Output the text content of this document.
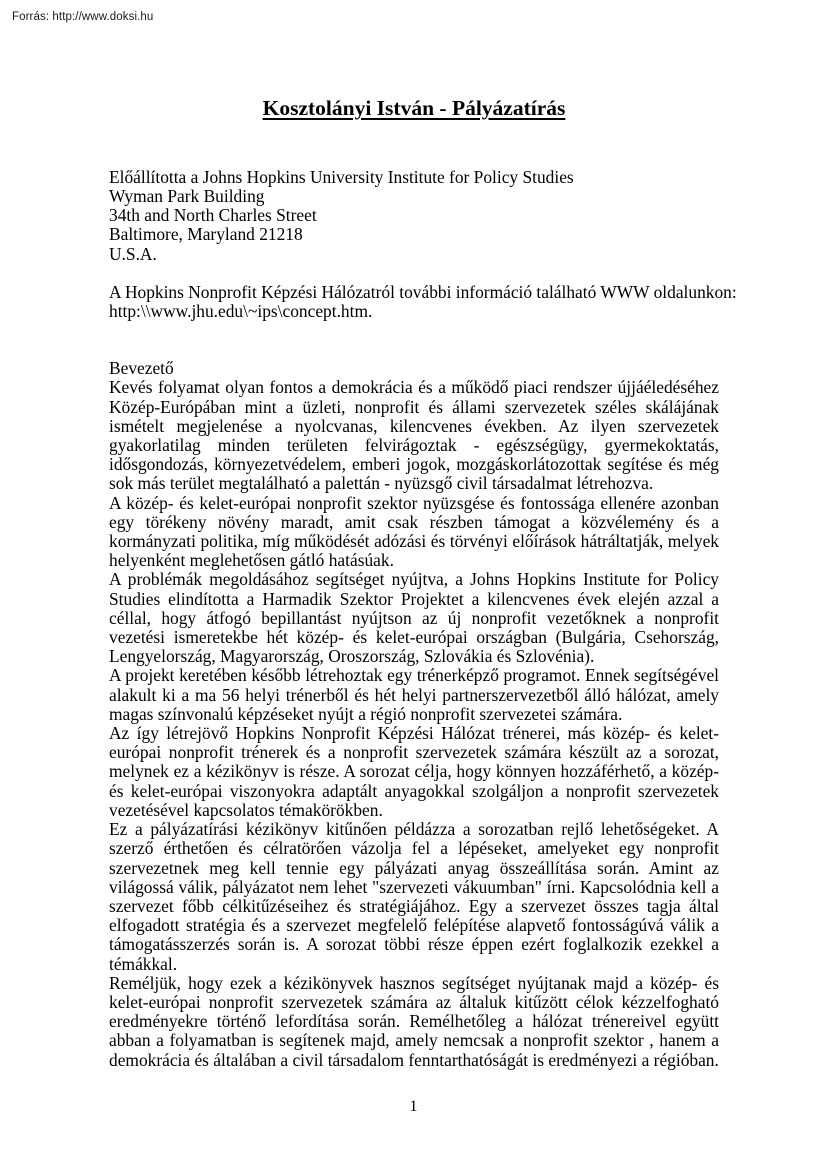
Forrás: http://www.doksi.hu
Kosztolányi István - Pályázatírás
Előállította a Johns Hopkins University Institute for Policy Studies
Wyman Park Building
34th and North Charles Street
Baltimore, Maryland 21218
U.S.A.
A Hopkins Nonprofit Képzési Hálózatról további információ található WWW oldalunkon:
http:\\www.jhu.edu\~ips\concept.htm.
Bevezető

Kevés folyamat olyan fontos a demokrácia és a működő piaci rendszer újjáéledéséhez Közép-Európában mint a üzleti, nonprofit és állami szervezetek széles skálájának ismételt megjelenése a nyolcvanas, kilencvenes években. Az ilyen szervezetek gyakorlatilag minden területen felvirágoztak - egészségügy, gyermekoktatás, idősgondozás, környezetvédelem, emberi jogok, mozgáskorlátozottak segítése és még sok más terület megtalálható a palettán - nyüzsgő civil társadalmat létrehozva.

A közép- és kelet-európai nonprofit szektor nyüzsgése és fontossága ellenére azonban egy törékeny növény maradt, amit csak részben támogat a közvélemény és a kormányzati politika, míg működését adózási és törvényi előírások hátráltatják, melyek helyenként meglehetősen gátló hatásúak.

A problémák megoldásához segítséget nyújtva, a Johns Hopkins Institute for Policy Studies elindította a Harmadik Szektor Projektet a kilencvenes évek elején azzal a céllal, hogy átfogó bepillantást nyújtson az új nonprofit vezetőknek a nonprofit vezetési ismeretekbe hét közép- és kelet-európai országban (Bulgária, Csehország, Lengyelország, Magyarország, Oroszország, Szlovákia és Szlovénia).

A projekt keretében később létrehoztak egy trénerképző programot. Ennek segítségével alakult ki a ma 56 helyi trénerből és hét helyi partnerszervezetből álló hálózat, amely magas színvonalú képzéseket nyújt a régió nonprofit szervezetei számára.

Az így létrejövő Hopkins Nonprofit Képzési Hálózat trénerei, más közép- és kelet-európai nonprofit trénerek és a nonprofit szervezetek számára készült az a sorozat, melynek ez a kézikönyv is része. A sorozat célja, hogy könnyen hozzáférhető, a közép- és kelet-európai viszonyokra adaptált anyagokkal szolgáljon a nonprofit szervezetek vezetésével kapcsolatos témakörökben.

Ez a pályázatírási kézikönyv kitűnően példázza a sorozatban rejlő lehetőségeket. A szerző érthetően és célratörően vázolja fel a lépéseket, amelyeket egy nonprofit szervezetnek meg kell tennie egy pályázati anyag összeállítása során. Amint az világossá válik, pályázatot nem lehet "szervezeti vákuumban" írni. Kapcsolódnia kell a szervezet főbb célkitűzéseihez és stratégiájához. Egy a szervezet összes tagja által elfogadott stratégia és a szervezet megfelelő felépítése alapvető fontosságúvá válik a támogatásszerzés során is. A sorozat többi része éppen ezért foglalkozik ezekkel a témákkal.

Reméljük, hogy ezek a kézikönyvek hasznos segítséget nyújtanak majd a közép- és kelet-európai nonprofit szervezetek számára az általuk kitűzött célok kézzelfogható eredményekre történő lefordítása során. Remélhetőleg a hálózat trénereivel együtt abban a folyamatban is segítenek majd, amely nemcsak a nonprofit szektor , hanem a demokrácia és általában a civil társadalom fenntarthatóságát is eredményezi a régióban.

1
